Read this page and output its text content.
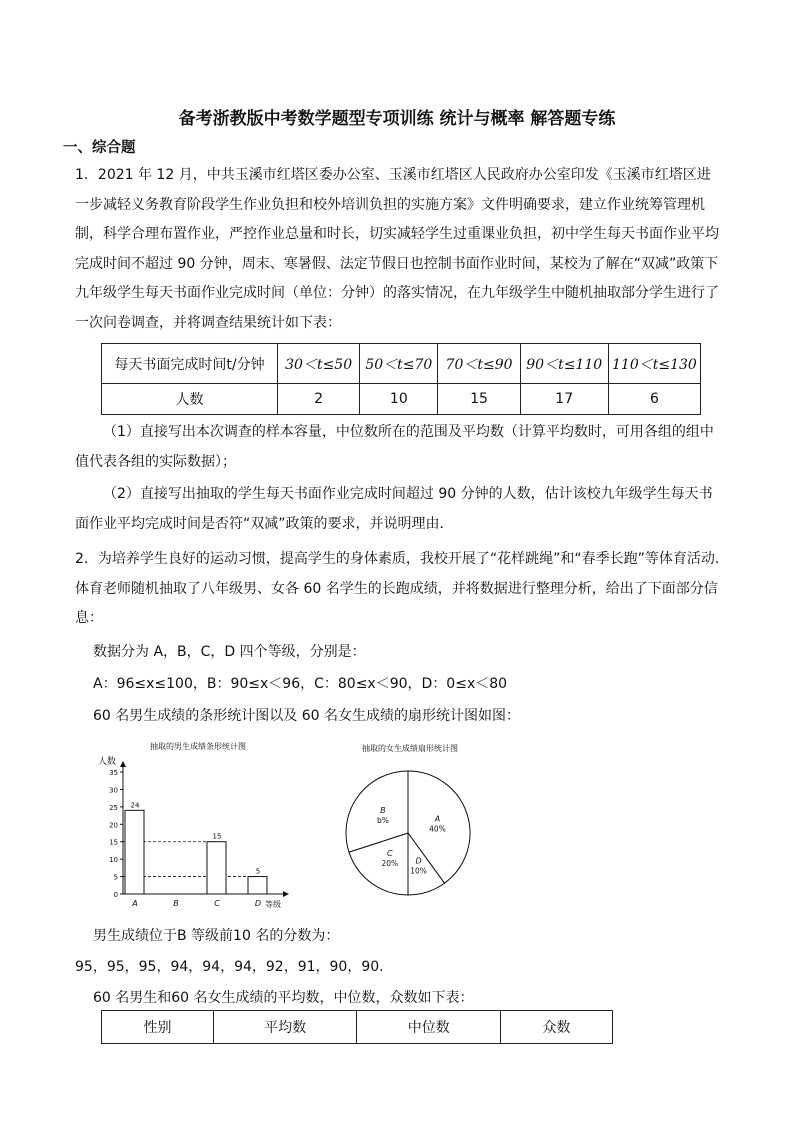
备考浙教版中考数学题型专项训练 统计与概率 解答题专练
一、综合题
1．2021 年 12 月，中共玉溪市红塔区委办公室、玉溪市红塔区人民政府办公室印发《玉溪市红塔区进一步减轻义务教育阶段学生作业负担和校外培训负担的实施方案》文件明确要求，建立作业统筹管理机制，科学合理布置作业，严控作业总量和时长，切实减轻学生过重课业负担，初中学生每天书面作业平均完成时间不超过 90 分钟，周末、寒暑假、法定节假日也控制书面作业时间，某校为了解在“双减”政策下九年级学生每天书面作业完成时间（单位：分钟）的落实情况，在九年级学生中随机抽取部分学生进行了一次问卷调查，并将调查结果统计如下表：
每天书面完成时间t/分钟	30＜t≤50	50＜t≤70	70＜t≤90	90＜t≤110	110＜t≤130
人数	2	10	15	17	6
（1）直接写出本次调查的样本容量，中位数所在的范围及平均数（计算平均数时，可用各组的组中值代表各组的实际数据）；
（2）直接写出抽取的学生每天书面作业完成时间超过 90 分钟的人数，估计该校九年级学生每天书面作业平均完成时间是否符“双减”政策的要求，并说明理由．
2．为培养学生良好的运动习惯，提高学生的身体素质，我校开展了“花样跳绳”和“春季长跑”等体育活动.体育老师随机抽取了八年级男、女各 60 名学生的长跑成绩，并将数据进行整理分析，给出了下面部分信息：
数据分为 A，B，C，D 四个等级，分别是：
A：96≤x≤100，B：90≤x＜96，C：80≤x＜90，D：0≤x＜80
60 名男生成绩的条形统计图以及 60 名女生成绩的扇形统计图如图：
抽取的男生成绩条形统计图
人数
等级
0
5
10
15
20
25
30
35
24
A	B
15
C
5
D
抽取的女生成绩扇形统计图
A
40%
D
10%
C
20%
B
b%
男生成绩位于B 等级前10 名的分数为：
95，95，95，94，94，94，92，91，90，90.
60 名男生和60 名女生成绩的平均数，中位数，众数如下表：
性别	平均数	中位数	众数
